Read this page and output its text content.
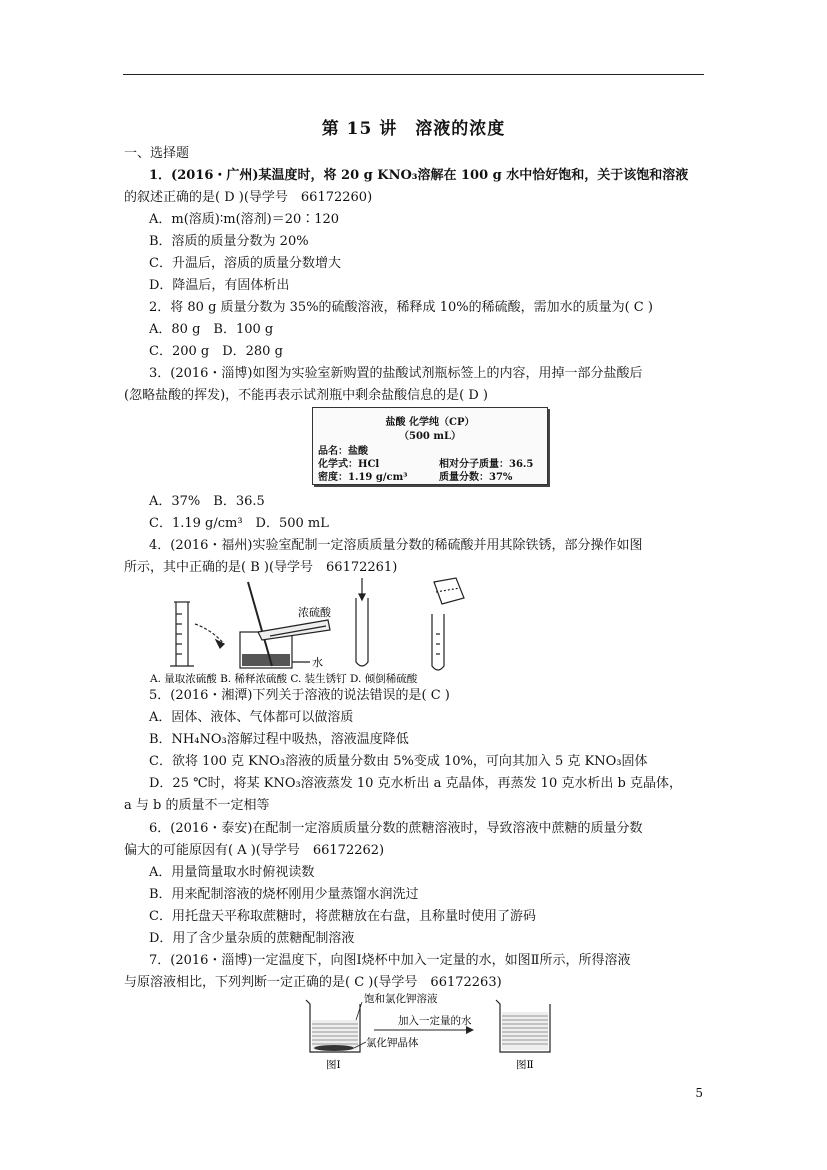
第 15 讲　溶液的浓度
一、选择题
1．(2016・广州)某温度时，将 20 g KNO₃溶解在 100 g 水中恰好饱和，关于该饱和溶液
的叙述正确的是( D )(导学号　66172260)
A．m(溶质)∶m(溶剂)＝20∶120
B．溶质的质量分数为 20%
C．升温后，溶质的质量分数增大
D．降温后，有固体析出
2．将 80 g 质量分数为 35%的硫酸溶液，稀释成 10%的稀硫酸，需加水的质量为( C )
A．80 g　B．100 g
C．200 g　D．280 g
3．(2016・淄博)如图为实验室新购置的盐酸试剂瓶标签上的内容，用掉一部分盐酸后
(忽略盐酸的挥发)，不能再表示试剂瓶中剩余盐酸信息的是( D )
A．37%　B．36.5
C．1.19 g/cm³　D．500 mL
4．(2016・福州)实验室配制一定溶质质量分数的稀硫酸并用其除铁锈，部分操作如图
所示，其中正确的是( B )(导学号　66172261)
5．(2016・湘潭)下列关于溶液的说法错误的是( C )
A．固体、液体、气体都可以做溶质
B．NH₄NO₃溶解过程中吸热，溶液温度降低
C．欲将 100 克 KNO₃溶液的质量分数由 5%变成 10%，可向其加入 5 克 KNO₃固体
D．25 ℃时，将某 KNO₃溶液蒸发 10 克水析出 a 克晶体，再蒸发 10 克水析出 b 克晶体，
a 与 b 的质量不一定相等
6．(2016・泰安)在配制一定溶质质量分数的蔗糖溶液时，导致溶液中蔗糖的质量分数
偏大的可能原因有( A )(导学号　66172262)
A．用量筒量取水时俯视读数
B．用来配制溶液的烧杯刚用少量蒸馏水润洗过
C．用托盘天平称取蔗糖时，将蔗糖放在右盘，且称量时使用了游码
D．用了含少量杂质的蔗糖配制溶液
7．(2016・淄博)一定温度下，向图Ⅰ烧杯中加入一定量的水，如图Ⅱ所示，所得溶液
与原溶液相比，下列判断一定正确的是( C )(导学号　66172263)
盐酸 化学纯（CP）
（500 mL）
品名：盐酸
化学式：HCl	相对分子质量：36.5
密度：1.19 g/cm³	质量分数：37%
浓硫酸
水
A. 量取浓硫酸 B. 稀释浓硫酸 C. 装生锈钉 D. 倾倒稀硫酸
饱和氯化钾溶液
加入一定量的水
氯化钾晶体
图Ⅰ	图Ⅱ
5
